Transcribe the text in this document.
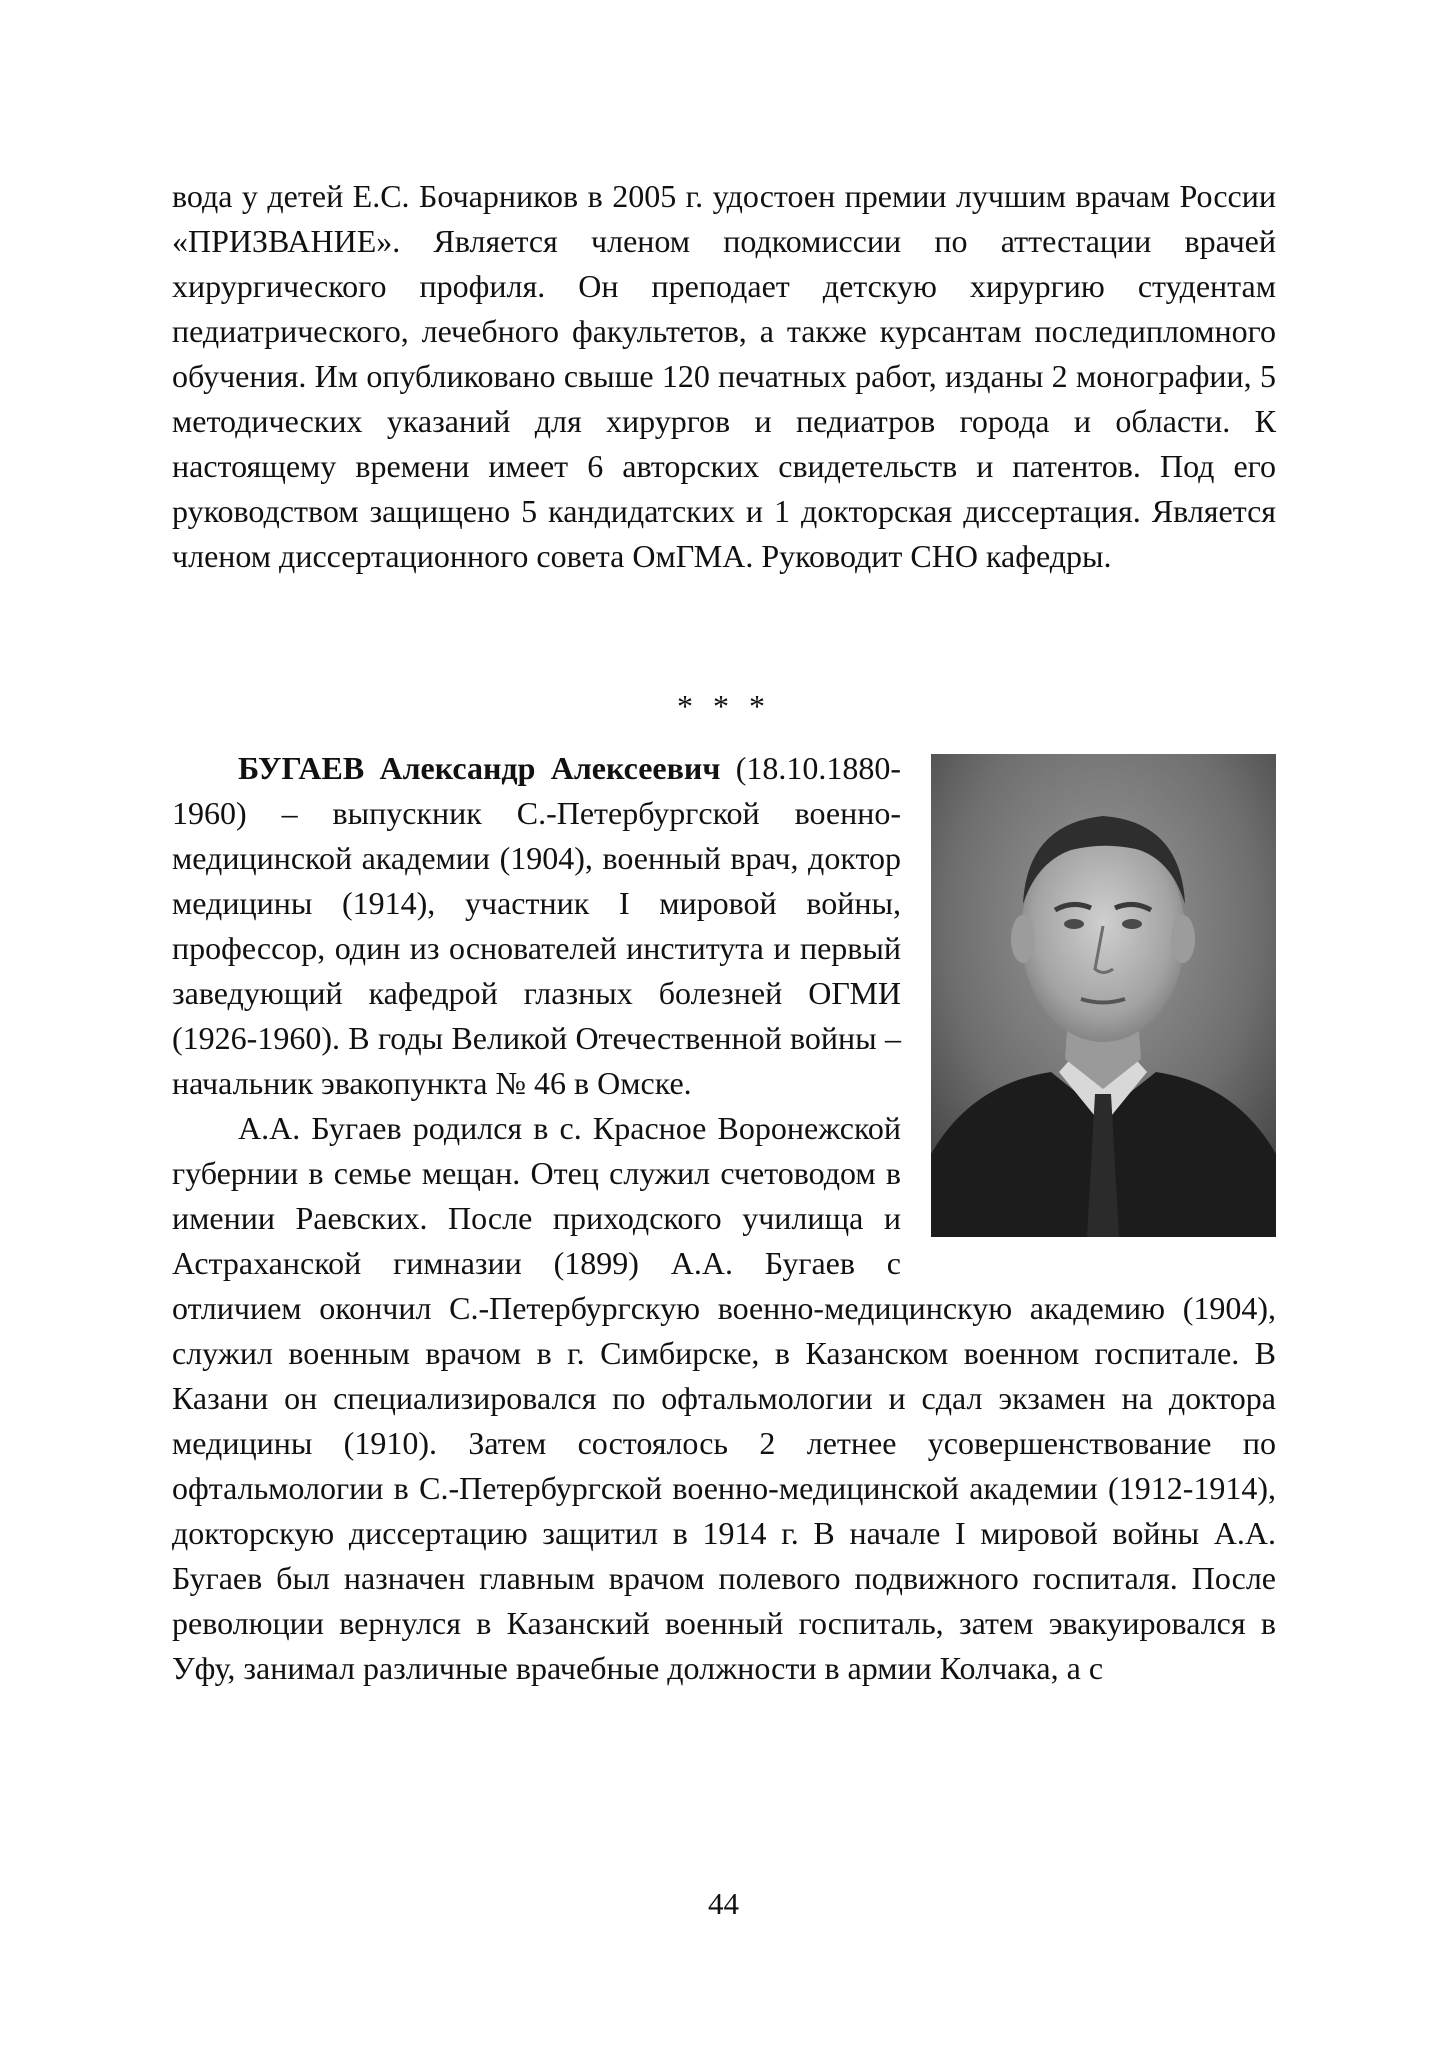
вода у детей Е.С. Бочарников в 2005 г. удостоен премии лучшим врачам России «ПРИЗВАНИЕ». Является членом подкомиссии по аттестации врачей хирургического профиля. Он преподает детскую хирургию студентам педиатрического, лечебного факультетов, а также курсантам последипломного обучения. Им опубликовано свыше 120 печатных работ, изданы 2 монографии, 5 методических указаний для хирургов и педиатров города и области. К настоящему времени имеет 6 авторских свидетельств и патентов. Под его руководством защищено 5 кандидатских и 1 докторская диссертация. Является членом диссертационного совета ОмГМА. Руководит СНО кафедры.

* * *

БУГАЕВ Александр Алексеевич (18.10.1880-1960) – выпускник С.-Петербургской военно-медицинской академии (1904), военный врач, доктор медицины (1914), участник I мировой войны, профессор, один из основателей института и первый заведующий кафедрой глазных болезней ОГМИ (1926-1960). В годы Великой Отечественной войны – начальник эвакопункта № 46 в Омске.

А.А. Бугаев родился в с. Красное Воронежской губернии в семье мещан. Отец служил счетоводом в имении Раевских. После приходского училища и Астраханской гимназии (1899) А.А. Бугаев с отличием окончил С.-Петербургскую военно-медицинскую академию (1904), служил военным врачом в г. Симбирске, в Казанском военном госпитале. В Казани он специализировался по офтальмологии и сдал экзамен на доктора медицины (1910). Затем состоялось 2 летнее усовершенствование по офтальмологии в С.-Петербургской военно-медицинской академии (1912-1914), докторскую диссертацию защитил в 1914 г. В начале I мировой войны А.А. Бугаев был назначен главным врачом полевого подвижного госпиталя. После революции вернулся в Казанский военный госпиталь, затем эвакуировался в Уфу, занимал различные врачебные должности в армии Колчака, а с

44
